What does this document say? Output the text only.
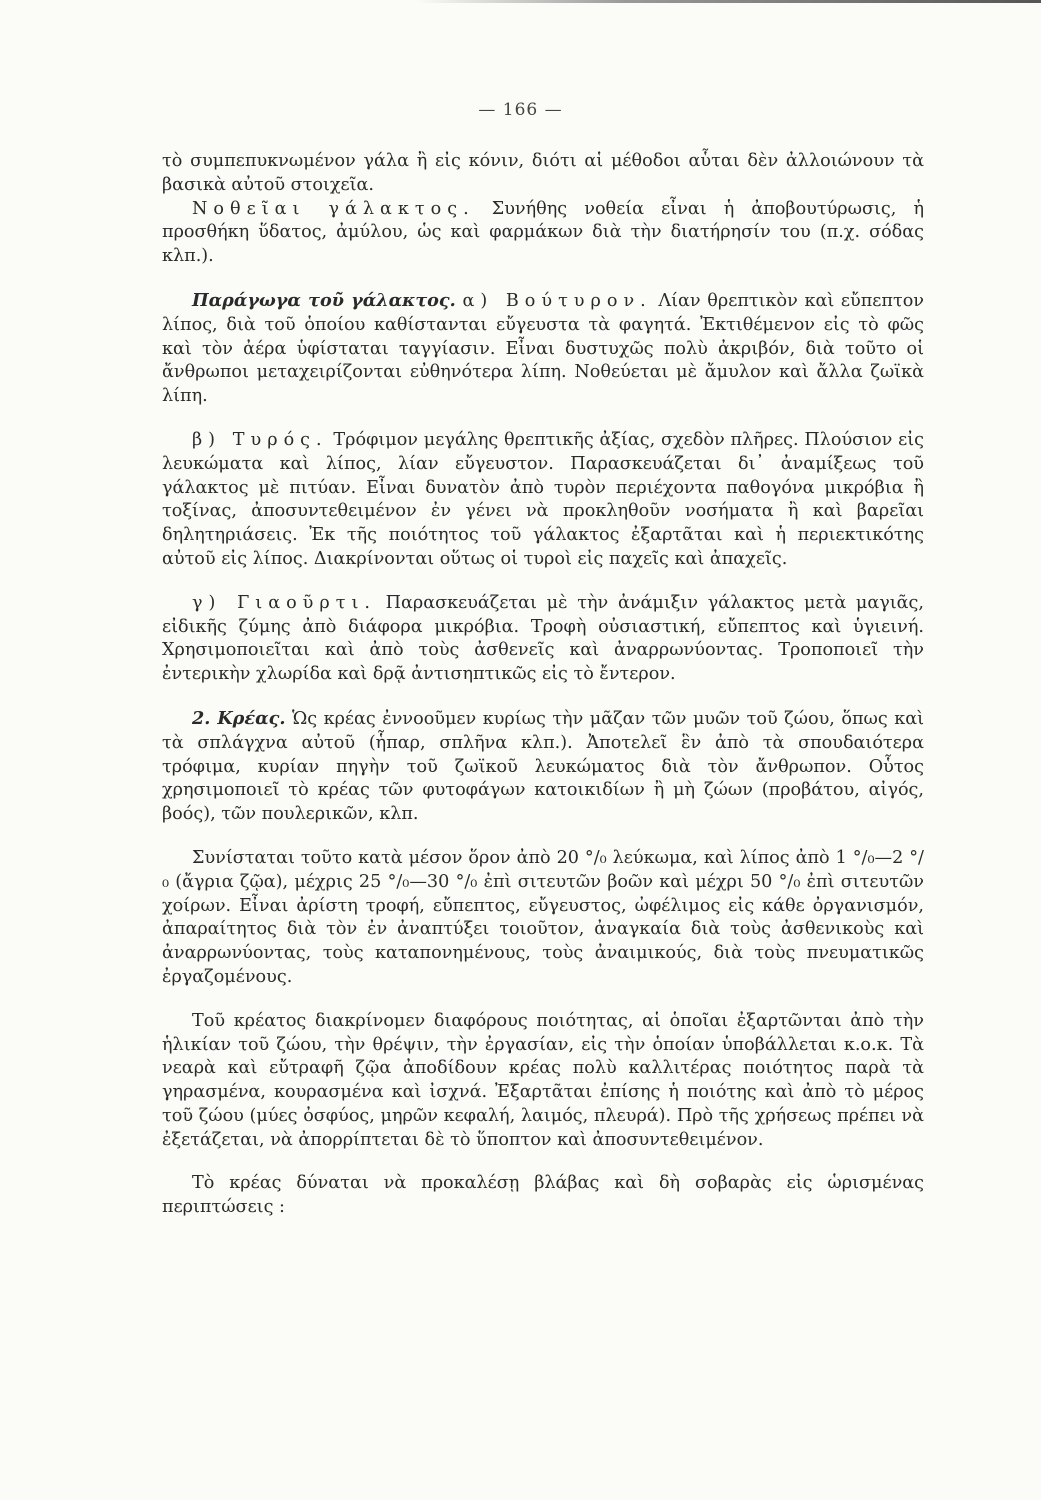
— 166 —

τὸ συμπεπυκνωμένον γάλα ἢ εἰς κόνιν, διότι αἱ μέθοδοι αὗται δὲν ἀλλοιώνουν τὰ βασικὰ αὐτοῦ στοιχεῖα.

Νοθεῖαι γάλακτος. Συνήθης νοθεία εἶναι ἡ ἀποβουτύρωσις, ἡ προσθήκη ὕδατος, ἀμύλου, ὡς καὶ φαρμάκων διὰ τὴν διατήρησίν του (π.χ. σόδας κλπ.).

Παράγωγα τοῦ γάλακτος. α) Βούτυρον. Λίαν θρεπτικὸν καὶ εὔπεπτον λίπος, διὰ τοῦ ὁποίου καθίστανται εὔγευστα τὰ φαγητά. Ἐκτιθέμενον εἰς τὸ φῶς καὶ τὸν ἀέρα ὑφίσταται ταγγίασιν. Εἶναι δυστυχῶς πολὺ ἀκριβόν, διὰ τοῦτο οἱ ἄνθρωποι μεταχειρίζονται εὐθηνότερα λίπη. Νοθεύεται μὲ ἄμυλον καὶ ἄλλα ζωϊκὰ λίπη.

β) Τυρός. Τρόφιμον μεγάλης θρεπτικῆς ἀξίας, σχεδὸν πλῆρες. Πλούσιον εἰς λευκώματα καὶ λίπος, λίαν εὔγευστον. Παρασκευάζεται δι᾽ ἀναμίξεως τοῦ γάλακτος μὲ πιτύαν. Εἶναι δυνατὸν ἀπὸ τυρὸν περιέχοντα παθογόνα μικρόβια ἢ τοξίνας, ἀποσυντεθειμένον ἐν γένει νὰ προκληθοῦν νοσήματα ἢ καὶ βαρεῖαι δηλητηριάσεις. Ἐκ τῆς ποιότητος τοῦ γάλακτος ἐξαρτᾶται καὶ ἡ περιεκτικότης αὐτοῦ εἰς λίπος. Διακρίνονται οὕτως οἱ τυροὶ εἰς παχεῖς καὶ ἀπαχεῖς.

γ) Γιαοῦρτι. Παρασκευάζεται μὲ τὴν ἀνάμιξιν γάλακτος μετὰ μαγιᾶς, εἰδικῆς ζύμης ἀπὸ διάφορα μικρόβια. Τροφὴ οὐσιαστική, εὔπεπτος καὶ ὑγιεινή. Χρησιμοποιεῖται καὶ ἀπὸ τοὺς ἀσθενεῖς καὶ ἀναρρωνύοντας. Τροποποιεῖ τὴν ἐντερικὴν χλωρίδα καὶ δρᾷ ἀντισηπτικῶς εἰς τὸ ἔντερον.

2. Κρέας. Ὡς κρέας ἐννοοῦμεν κυρίως τὴν μᾶζαν τῶν μυῶν τοῦ ζώου, ὅπως καὶ τὰ σπλάγχνα αὐτοῦ (ἧπαρ, σπλῆνα κλπ.). Ἀποτελεῖ ἓν ἀπὸ τὰ σπουδαιότερα τρόφιμα, κυρίαν πηγὴν τοῦ ζωϊκοῦ λευκώματος διὰ τὸν ἄνθρωπον. Οὗτος χρησιμοποιεῖ τὸ κρέας τῶν φυτοφάγων κατοικιδίων ἢ μὴ ζώων (προβάτου, αἰγός, βοός), τῶν πουλερικῶν, κλπ.

Συνίσταται τοῦτο κατὰ μέσον ὅρον ἀπὸ 20 °/₀ λεύκωμα, καὶ λίπος ἀπὸ 1 °/₀—2 °/₀ (ἄγρια ζῷα), μέχρις 25 °/₀—30 °/₀ ἐπὶ σιτευτῶν βοῶν καὶ μέχρι 50 °/₀ ἐπὶ σιτευτῶν χοίρων. Εἶναι ἀρίστη τροφή, εὔπεπτος, εὔγευστος, ὠφέλιμος εἰς κάθε ὀργανισμόν, ἀπαραίτητος διὰ τὸν ἐν ἀναπτύξει τοιοῦτον, ἀναγκαία διὰ τοὺς ἀσθενικοὺς καὶ ἀναρρωνύοντας, τοὺς καταπονημένους, τοὺς ἀναιμικούς, διὰ τοὺς πνευματικῶς ἐργαζομένους.

Τοῦ κρέατος διακρίνομεν διαφόρους ποιότητας, αἱ ὁποῖαι ἐξαρτῶνται ἀπὸ τὴν ἡλικίαν τοῦ ζώου, τὴν θρέψιν, τὴν ἐργασίαν, εἰς τὴν ὁποίαν ὑποβάλλεται κ.ο.κ. Τὰ νεαρὰ καὶ εὔτραφῆ ζῷα ἀποδίδουν κρέας πολὺ καλλιτέρας ποιότητος παρὰ τὰ γηρασμένα, κουρασμένα καὶ ἰσχνά. Ἐξαρτᾶται ἐπίσης ἡ ποιότης καὶ ἀπὸ τὸ μέρος τοῦ ζώου (μύες ὀσφύος, μηρῶν κεφαλή, λαιμός, πλευρά). Πρὸ τῆς χρήσεως πρέπει νὰ ἐξετάζεται, νὰ ἀπορρίπτεται δὲ τὸ ὕποπτον καὶ ἀποσυντεθειμένον.

Τὸ κρέας δύναται νὰ προκαλέσῃ βλάβας καὶ δὴ σοβαρὰς εἰς ὡρισμένας περιπτώσεις :
